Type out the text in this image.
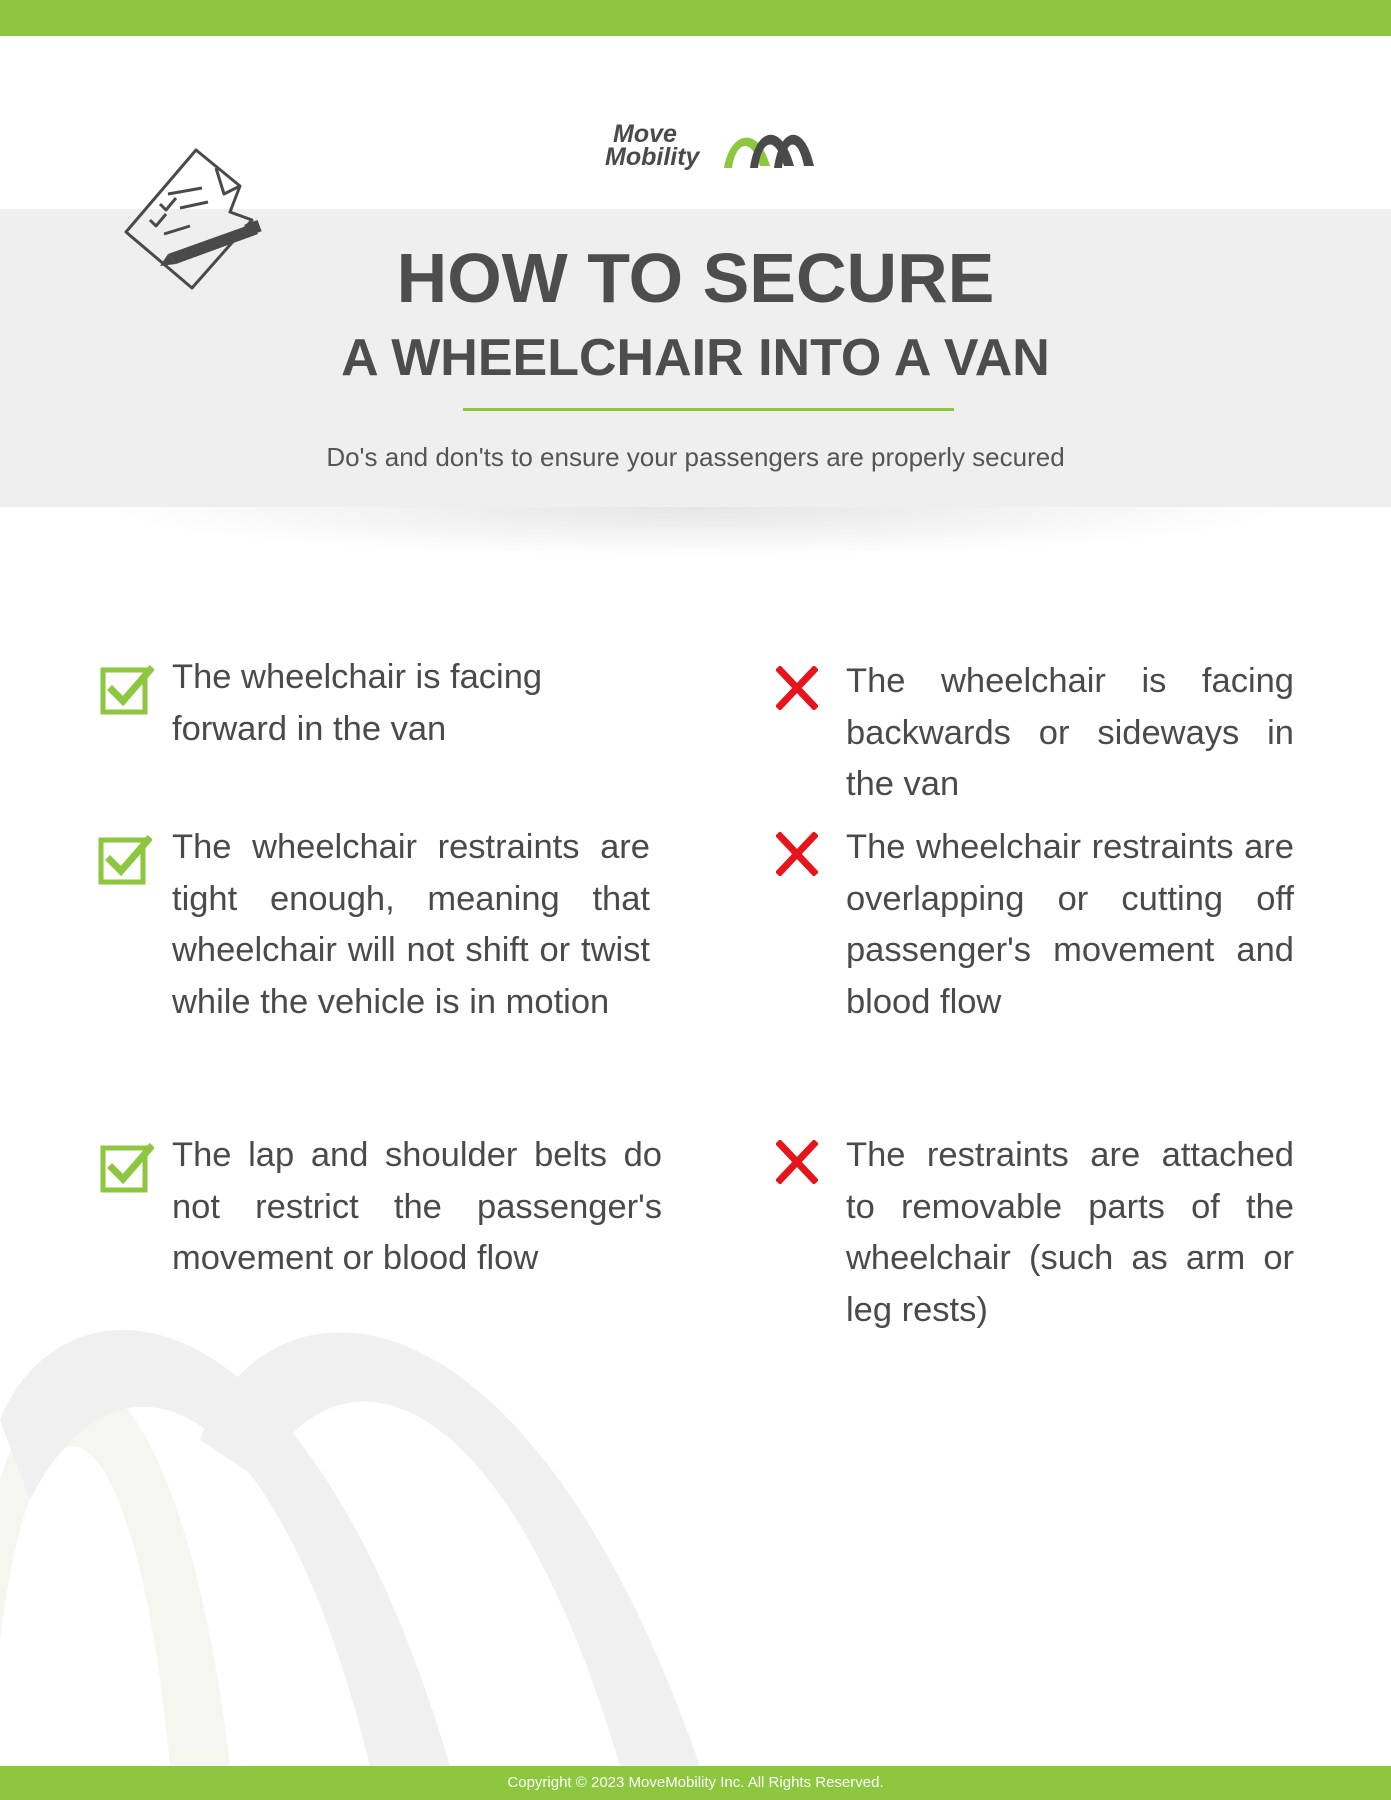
Move
Mobility
HOW TO SECURE
A WHEELCHAIR INTO A VAN

Do's and don'ts to ensure your passengers are properly secured

The wheelchair is facing forward in the van
The wheelchair restraints are tight enough, meaning that wheelchair will not shift or twist while the vehicle is in motion
The lap and shoulder belts do not restrict the passenger's movement or blood flow
The wheelchair is facing backwards or sideways in the van
The wheelchair restraints are overlapping or cutting off passenger's movement and blood flow
The restraints are attached to removable parts of the wheelchair (such as arm or leg rests)
Copyright © 2023 MoveMobility Inc. All Rights Reserved.
